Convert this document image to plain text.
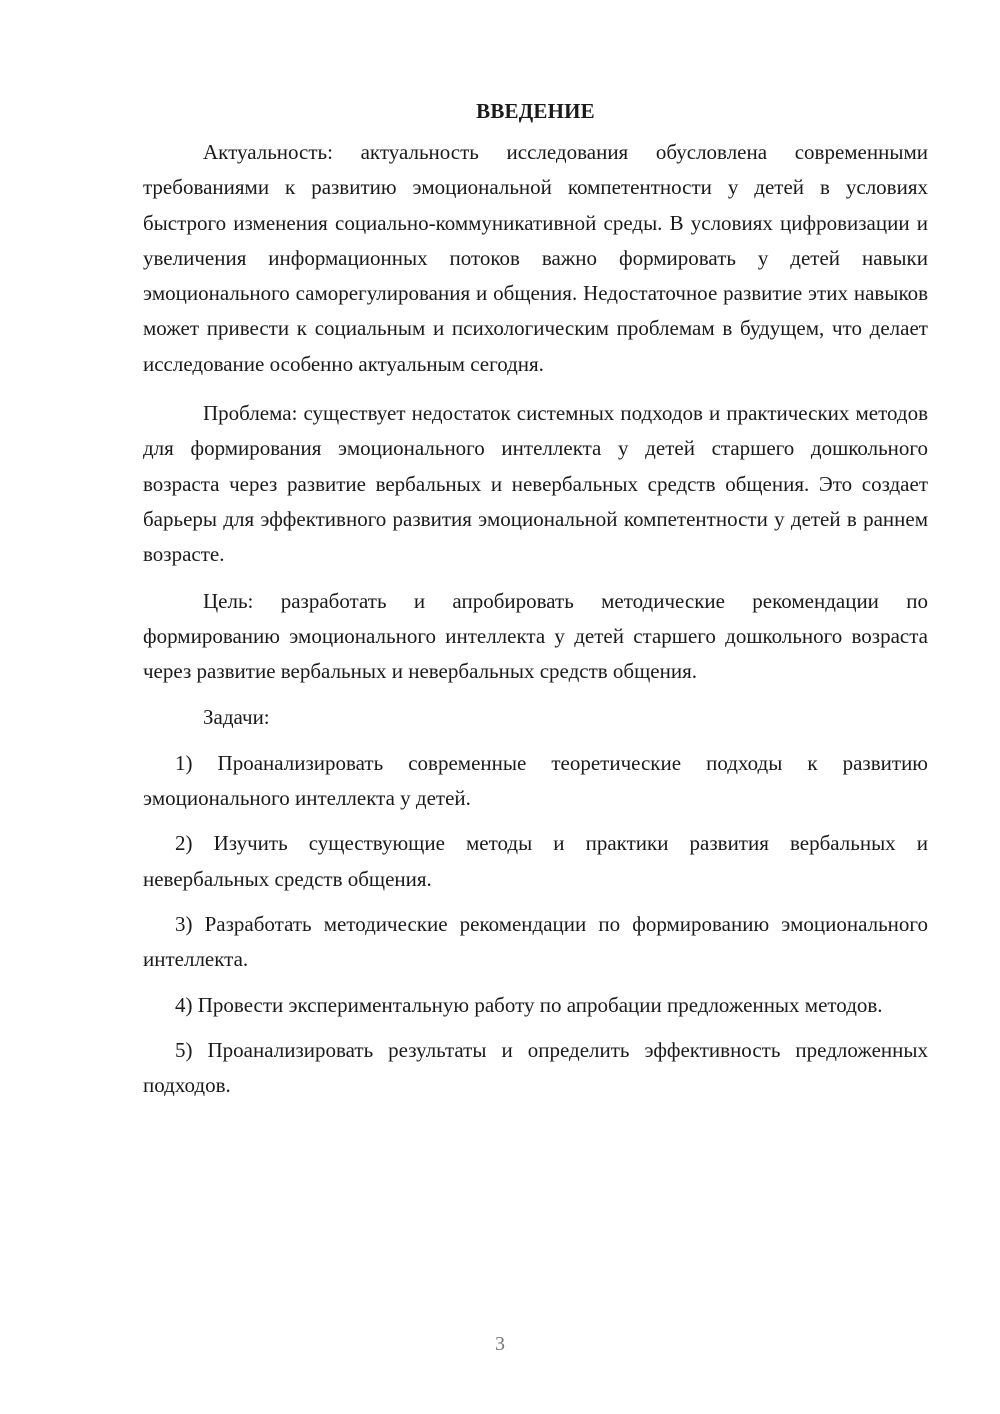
ВВЕДЕНИЕ

Актуальность: актуальность исследования обусловлена современными требованиями к развитию эмоциональной компетентности у детей в условиях быстрого изменения социально-коммуникативной среды. В условиях цифровизации и увеличения информационных потоков важно формировать у детей навыки эмоционального саморегулирования и общения. Недостаточное развитие этих навыков может привести к социальным и психологическим проблемам в будущем, что делает исследование особенно актуальным сегодня.

Проблема: существует недостаток системных подходов и практических методов для формирования эмоционального интеллекта у детей старшего дошкольного возраста через развитие вербальных и невербальных средств общения. Это создает барьеры для эффективного развития эмоциональной компетентности у детей в раннем возрасте.

Цель: разработать и апробировать методические рекомендации по формированию эмоционального интеллекта у детей старшего дошкольного возраста через развитие вербальных и невербальных средств общения.

Задачи:

1) Проанализировать современные теоретические подходы к развитию эмоционального интеллекта у детей.

2) Изучить существующие методы и практики развития вербальных и невербальных средств общения.

3) Разработать методические рекомендации по формированию эмоционального интеллекта.

4) Провести экспериментальную работу по апробации предложенных методов.

5) Проанализировать результаты и определить эффективность предложенных подходов.

3
